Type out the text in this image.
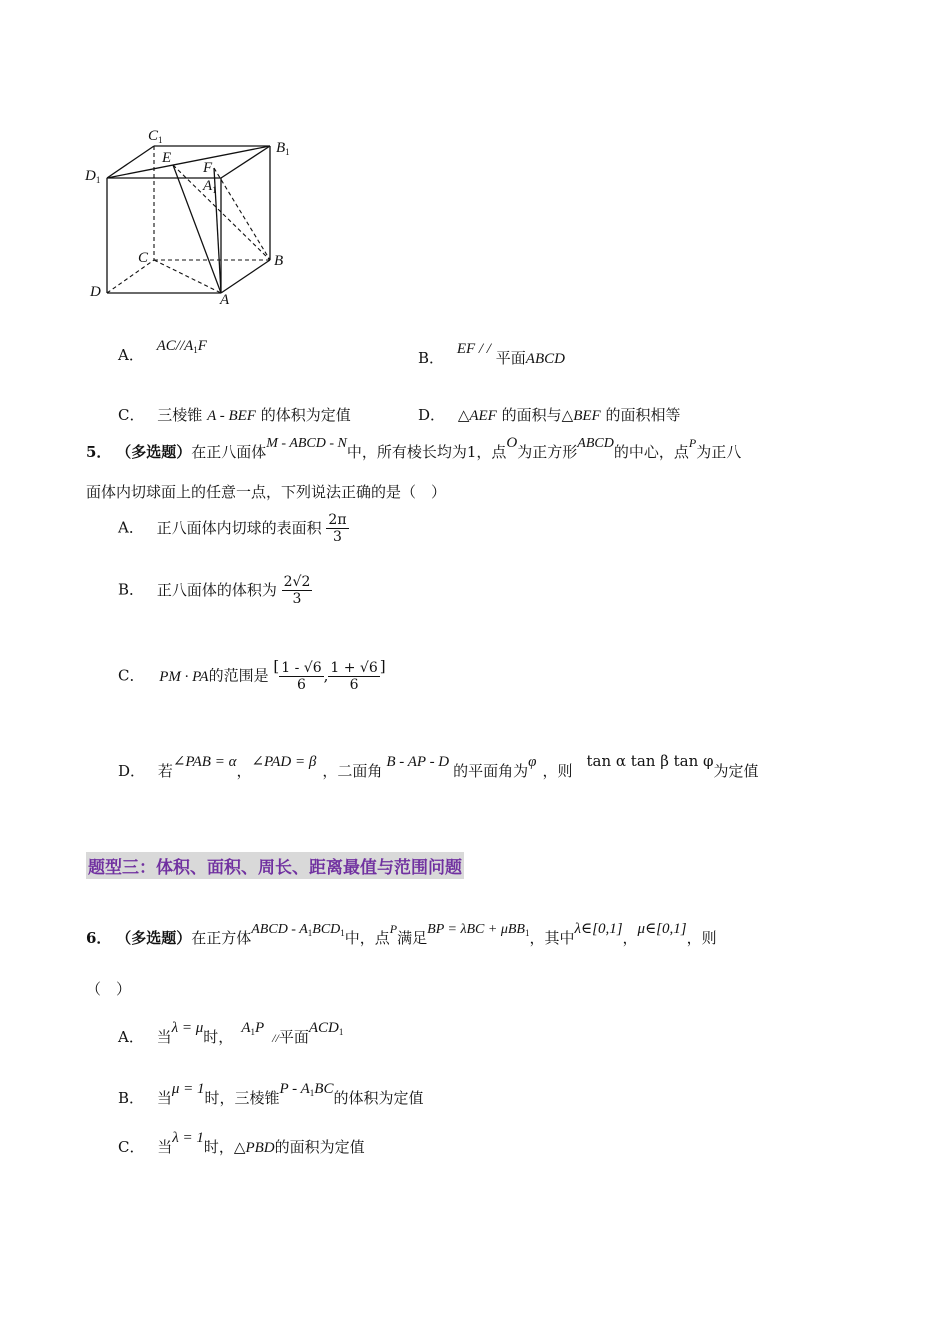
$C_1$	$B_1$
$D_1$
E
F
$A_1$
C	B
D	A
A． $AC//A_1F$
B． EF / / 平面ABCD
C． 三棱锥 A - BEF 的体积为定值	D． △AEF 的面积与△BEF 的面积相等
5． （多选题）在正八面体M - ABCD - N中，所有棱长均为1，点O为正方形ABCD的中心，点$^P$为正八
面体内切球面上的任意一点，下列说法正确的是（　）
A． 正八面体内切球的表面积 $\frac{2\pi}{3}$
B． 正八面体的体积为 $\frac{2√2}{3}$
C． PM · PA的范围是 [ $\frac{1 - √6}{6}$ , $\frac{1 + √6}{6}$ ]
D． 若∠PAB = α，∠PAD = β ，二面角 B - AP - D 的平面角为φ ，则tan α tan β tan φ为定值
题型三：体积、面积、周长、距离最值与范围问题
6． （多选题）在正方体ABCD - $A_1BCD_1$中，点$^P$满足BP = λBC + μBB$_1$，其中λ∈[0,1]，μ∈[0,1]，则
（　）
A． 当λ = μ时， $A_1P//$平面$ACD_1$
B． 当μ = 1时，三棱锥P - $A_1BC$的体积为定值
C． 当λ = 1时，△PBD的面积为定值
